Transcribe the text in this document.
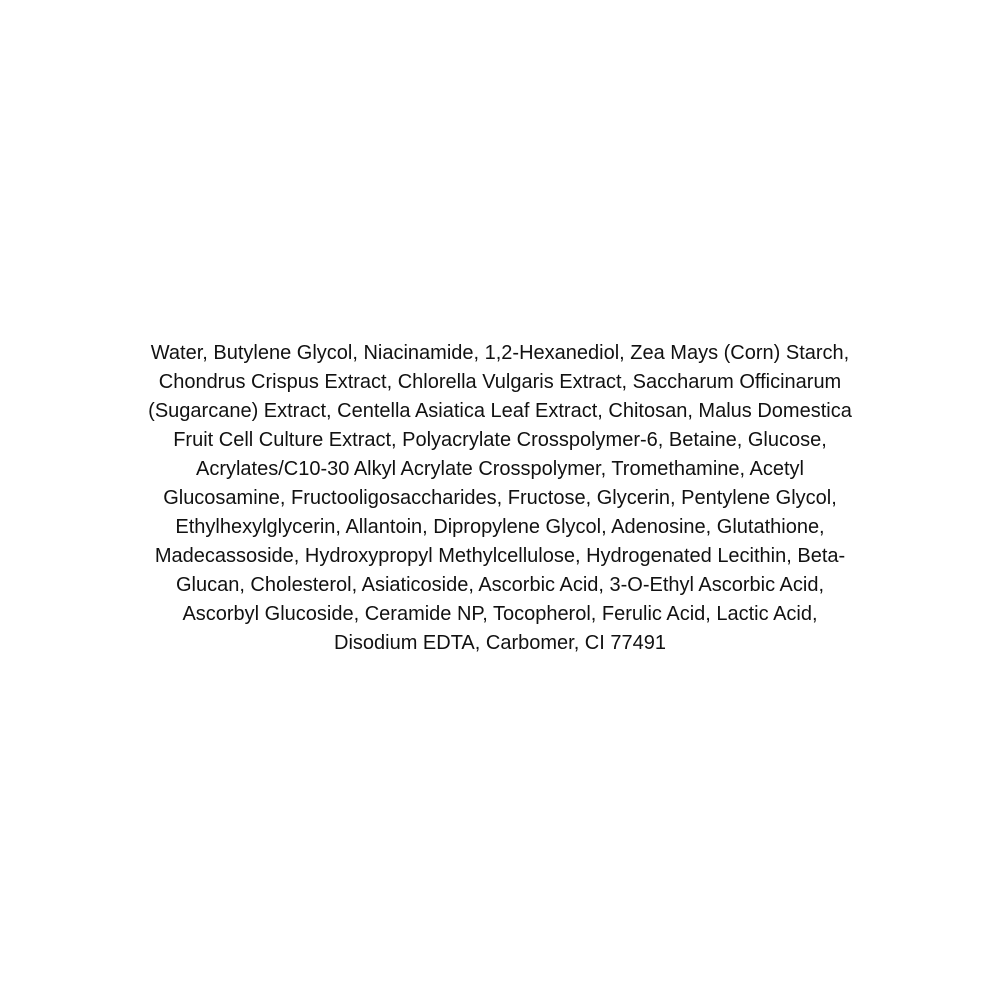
Water, Butylene Glycol, Niacinamide, 1,2-Hexanediol, Zea Mays (Corn) Starch,
Chondrus Crispus Extract, Chlorella Vulgaris Extract, Saccharum Officinarum
(Sugarcane) Extract, Centella Asiatica Leaf Extract, Chitosan, Malus Domestica
Fruit Cell Culture Extract, Polyacrylate Crosspolymer-6, Betaine, Glucose,
Acrylates/C10-30 Alkyl Acrylate Crosspolymer, Tromethamine, Acetyl
Glucosamine, Fructooligosaccharides, Fructose, Glycerin, Pentylene Glycol,
Ethylhexylglycerin, Allantoin, Dipropylene Glycol, Adenosine, Glutathione,
Madecassoside, Hydroxypropyl Methylcellulose, Hydrogenated Lecithin, Beta-
Glucan, Cholesterol, Asiaticoside, Ascorbic Acid, 3-O-Ethyl Ascorbic Acid,
Ascorbyl Glucoside, Ceramide NP, Tocopherol, Ferulic Acid, Lactic Acid,
Disodium EDTA, Carbomer, CI 77491
